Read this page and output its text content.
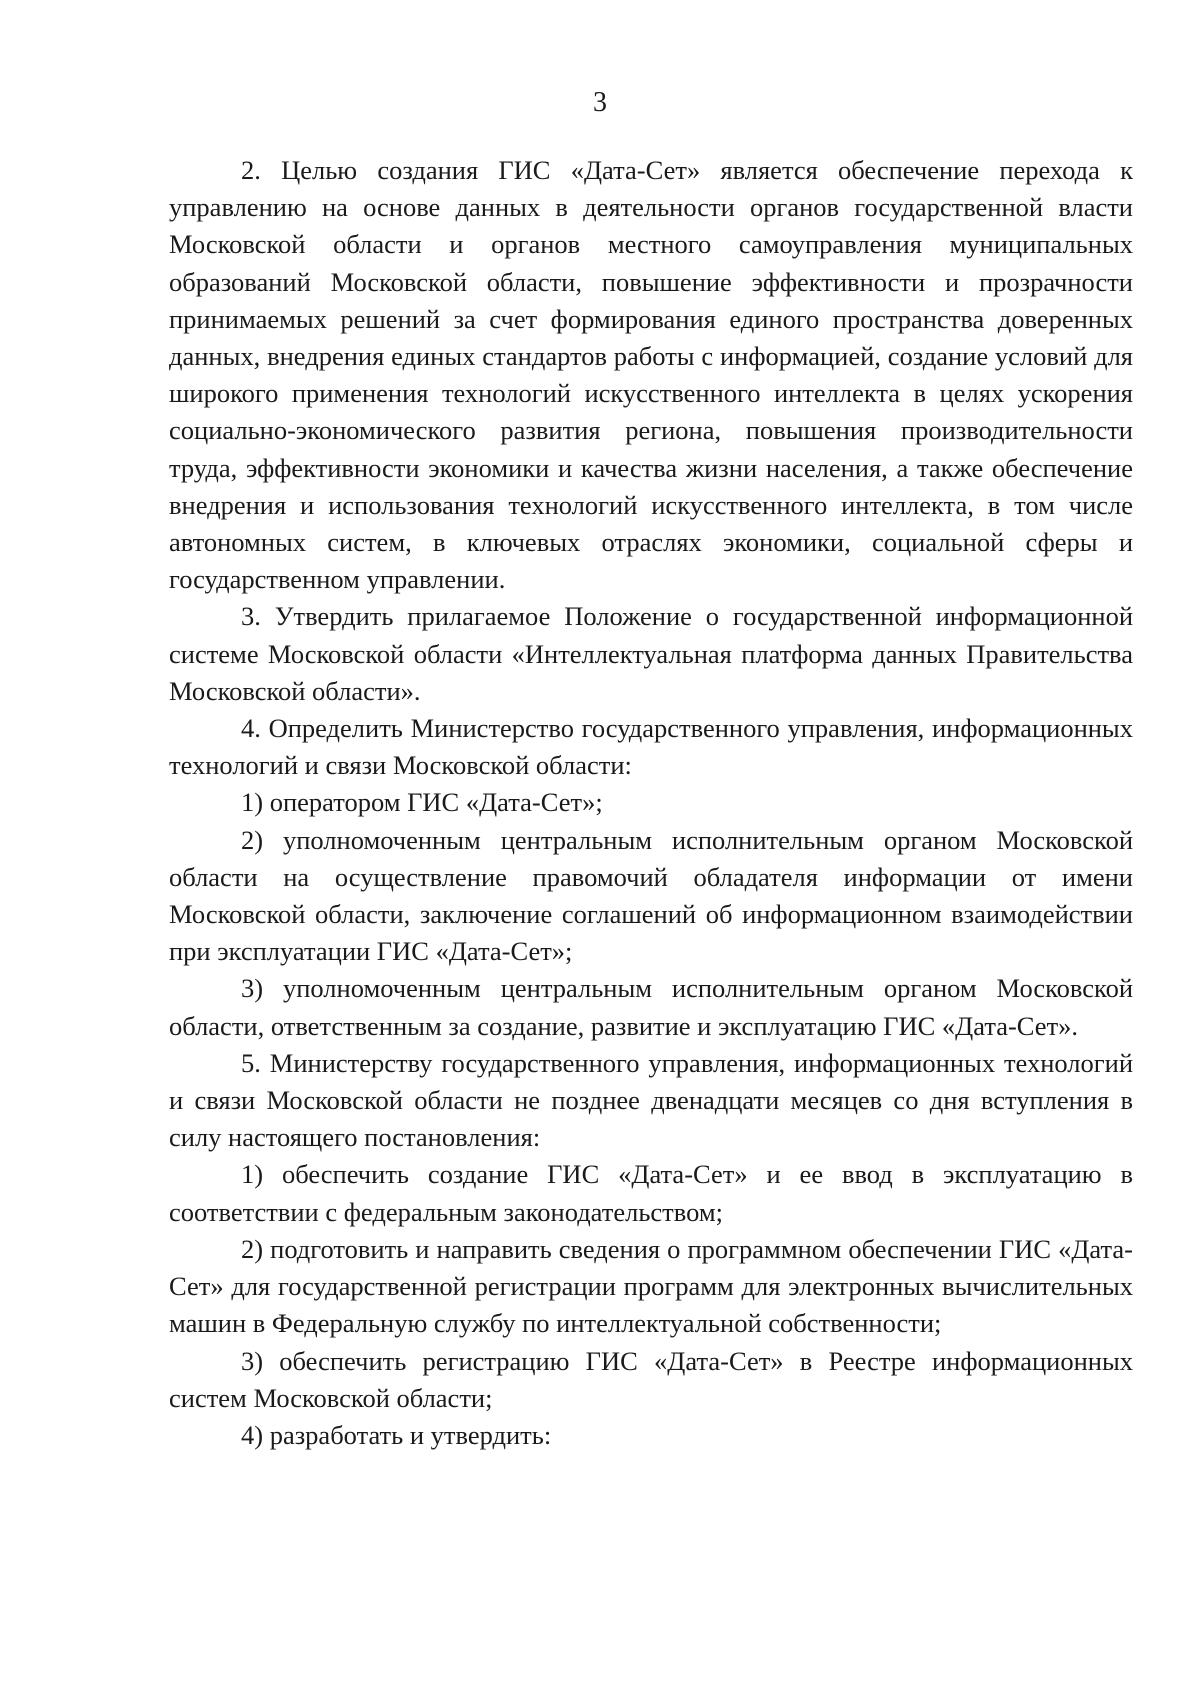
3

2. Целью создания ГИС «Дата-Сет» является обеспечение перехода к управлению на основе данных в деятельности органов государственной власти Московской области и органов местного самоуправления муниципальных образований Московской области, повышение эффективности и прозрачности принимаемых решений за счет формирования единого пространства доверенных данных, внедрения единых стандартов работы с информацией, создание условий для широкого применения технологий искусственного интеллекта в целях ускорения социально-экономического развития региона, повышения производительности труда, эффективности экономики и качества жизни населения, а также обеспечение внедрения и использования технологий искусственного интеллекта, в том числе автономных систем, в ключевых отраслях экономики, социальной сферы и государственном управлении.

3. Утвердить прилагаемое Положение о государственной информационной системе Московской области «Интеллектуальная платформа данных Правительства Московской области».

4. Определить Министерство государственного управления, информационных технологий и связи Московской области:

1) оператором ГИС «Дата-Сет»;

2) уполномоченным центральным исполнительным органом Московской области на осуществление правомочий обладателя информации от имени Московской области, заключение соглашений об информационном взаимодействии при эксплуатации ГИС «Дата-Сет»;

3) уполномоченным центральным исполнительным органом Московской области, ответственным за создание, развитие и эксплуатацию ГИС «Дата-Сет».

5. Министерству государственного управления, информационных технологий и связи Московской области не позднее двенадцати месяцев со дня вступления в силу настоящего постановления:

1) обеспечить создание ГИС «Дата-Сет» и ее ввод в эксплуатацию в соответствии с федеральным законодательством;

2) подготовить и направить сведения о программном обеспечении ГИС «Дата-Сет» для государственной регистрации программ для электронных вычислительных машин в Федеральную службу по интеллектуальной собственности;

3) обеспечить регистрацию ГИС «Дата-Сет» в Реестре информационных систем Московской области;

4) разработать и утвердить:
